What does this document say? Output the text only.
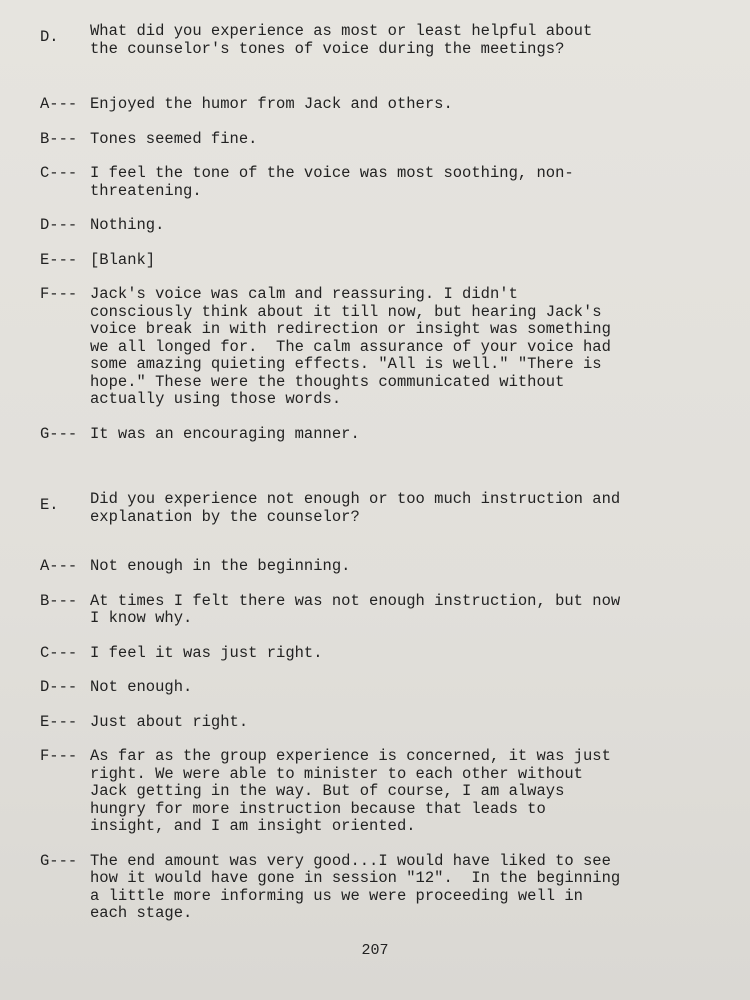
D.	What did you experience as most or least helpful about
the counselor's tones of voice during the meetings?
A--- Enjoyed the humor from Jack and others.
B--- Tones seemed fine.
C--- I feel the tone of the voice was most soothing, non-
threatening.
D--- Nothing.
E--- [Blank]
F--- Jack's voice was calm and reassuring. I didn't
consciously think about it till now, but hearing Jack's
voice break in with redirection or insight was something
we all longed for.  The calm assurance of your voice had
some amazing quieting effects. "All is well." "There is
hope." These were the thoughts communicated without
actually using those words.
G--- It was an encouraging manner.
E.	Did you experience not enough or too much instruction and
explanation by the counselor?
A--- Not enough in the beginning.
B--- At times I felt there was not enough instruction, but now
I know why.
C--- I feel it was just right.
D--- Not enough.
E--- Just about right.
F--- As far as the group experience is concerned, it was just
right. We were able to minister to each other without
Jack getting in the way. But of course, I am always
hungry for more instruction because that leads to
insight, and I am insight oriented.
G--- The end amount was very good...I would have liked to see
how it would have gone in session "12".  In the beginning
a little more informing us we were proceeding well in
each stage.
207
